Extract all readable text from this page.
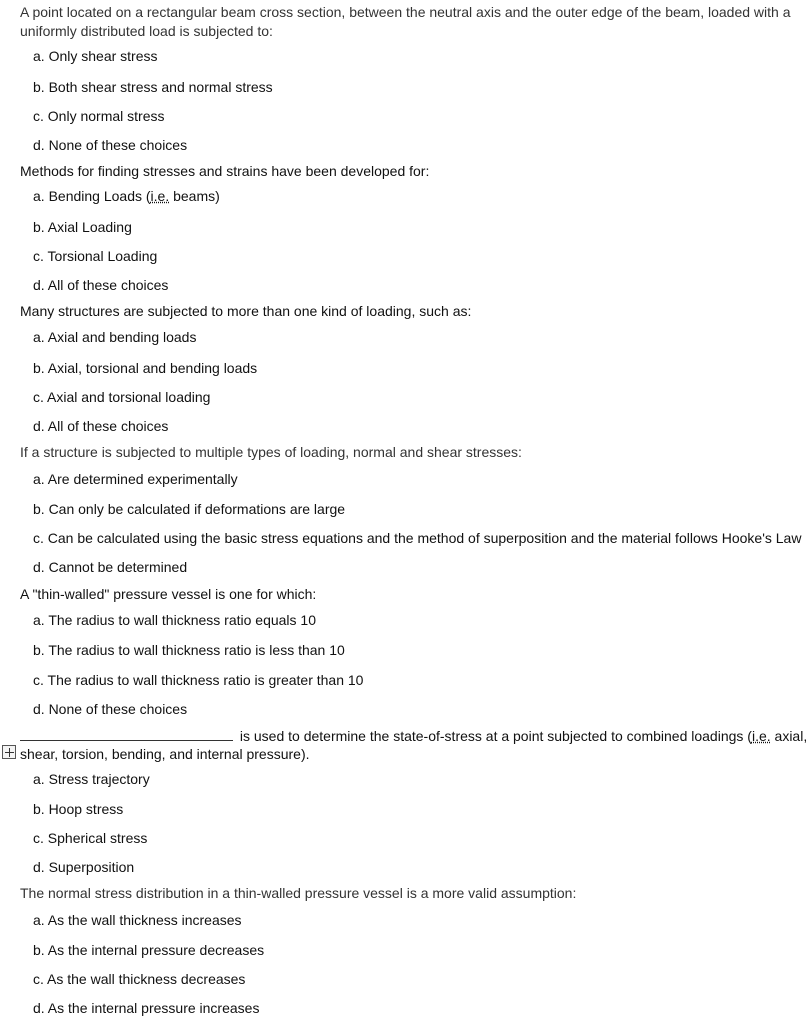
A point located on a rectangular beam cross section, between the neutral axis and the outer edge of the beam, loaded with a uniformly distributed load is subjected to:
a. Only shear stress
b. Both shear stress and normal stress
c. Only normal stress
d. None of these choices
Methods for finding stresses and strains have been developed for:
a. Bending Loads (i.e. beams)
b. Axial Loading
c. Torsional Loading
d. All of these choices
Many structures are subjected to more than one kind of loading, such as:
a. Axial and bending loads
b. Axial, torsional and bending loads
c. Axial and torsional loading
d. All of these choices
If a structure is subjected to multiple types of loading, normal and shear stresses:
a. Are determined experimentally
b. Can only be calculated if deformations are large
c. Can be calculated using the basic stress equations and the method of superposition and the material follows Hooke's Law
d. Cannot be determined
A "thin-walled" pressure vessel is one for which:
a. The radius to wall thickness ratio equals 10
b. The radius to wall thickness ratio is less than 10
c. The radius to wall thickness ratio is greater than 10
d. None of these choices
is used to determine the state-of-stress at a point subjected to combined loadings (i.e. axial,
shear, torsion, bending, and internal pressure).
a. Stress trajectory
b. Hoop stress
c. Spherical stress
d. Superposition
The normal stress distribution in a thin-walled pressure vessel is a more valid assumption:
a. As the wall thickness increases
b. As the internal pressure decreases
c. As the wall thickness decreases
d. As the internal pressure increases
